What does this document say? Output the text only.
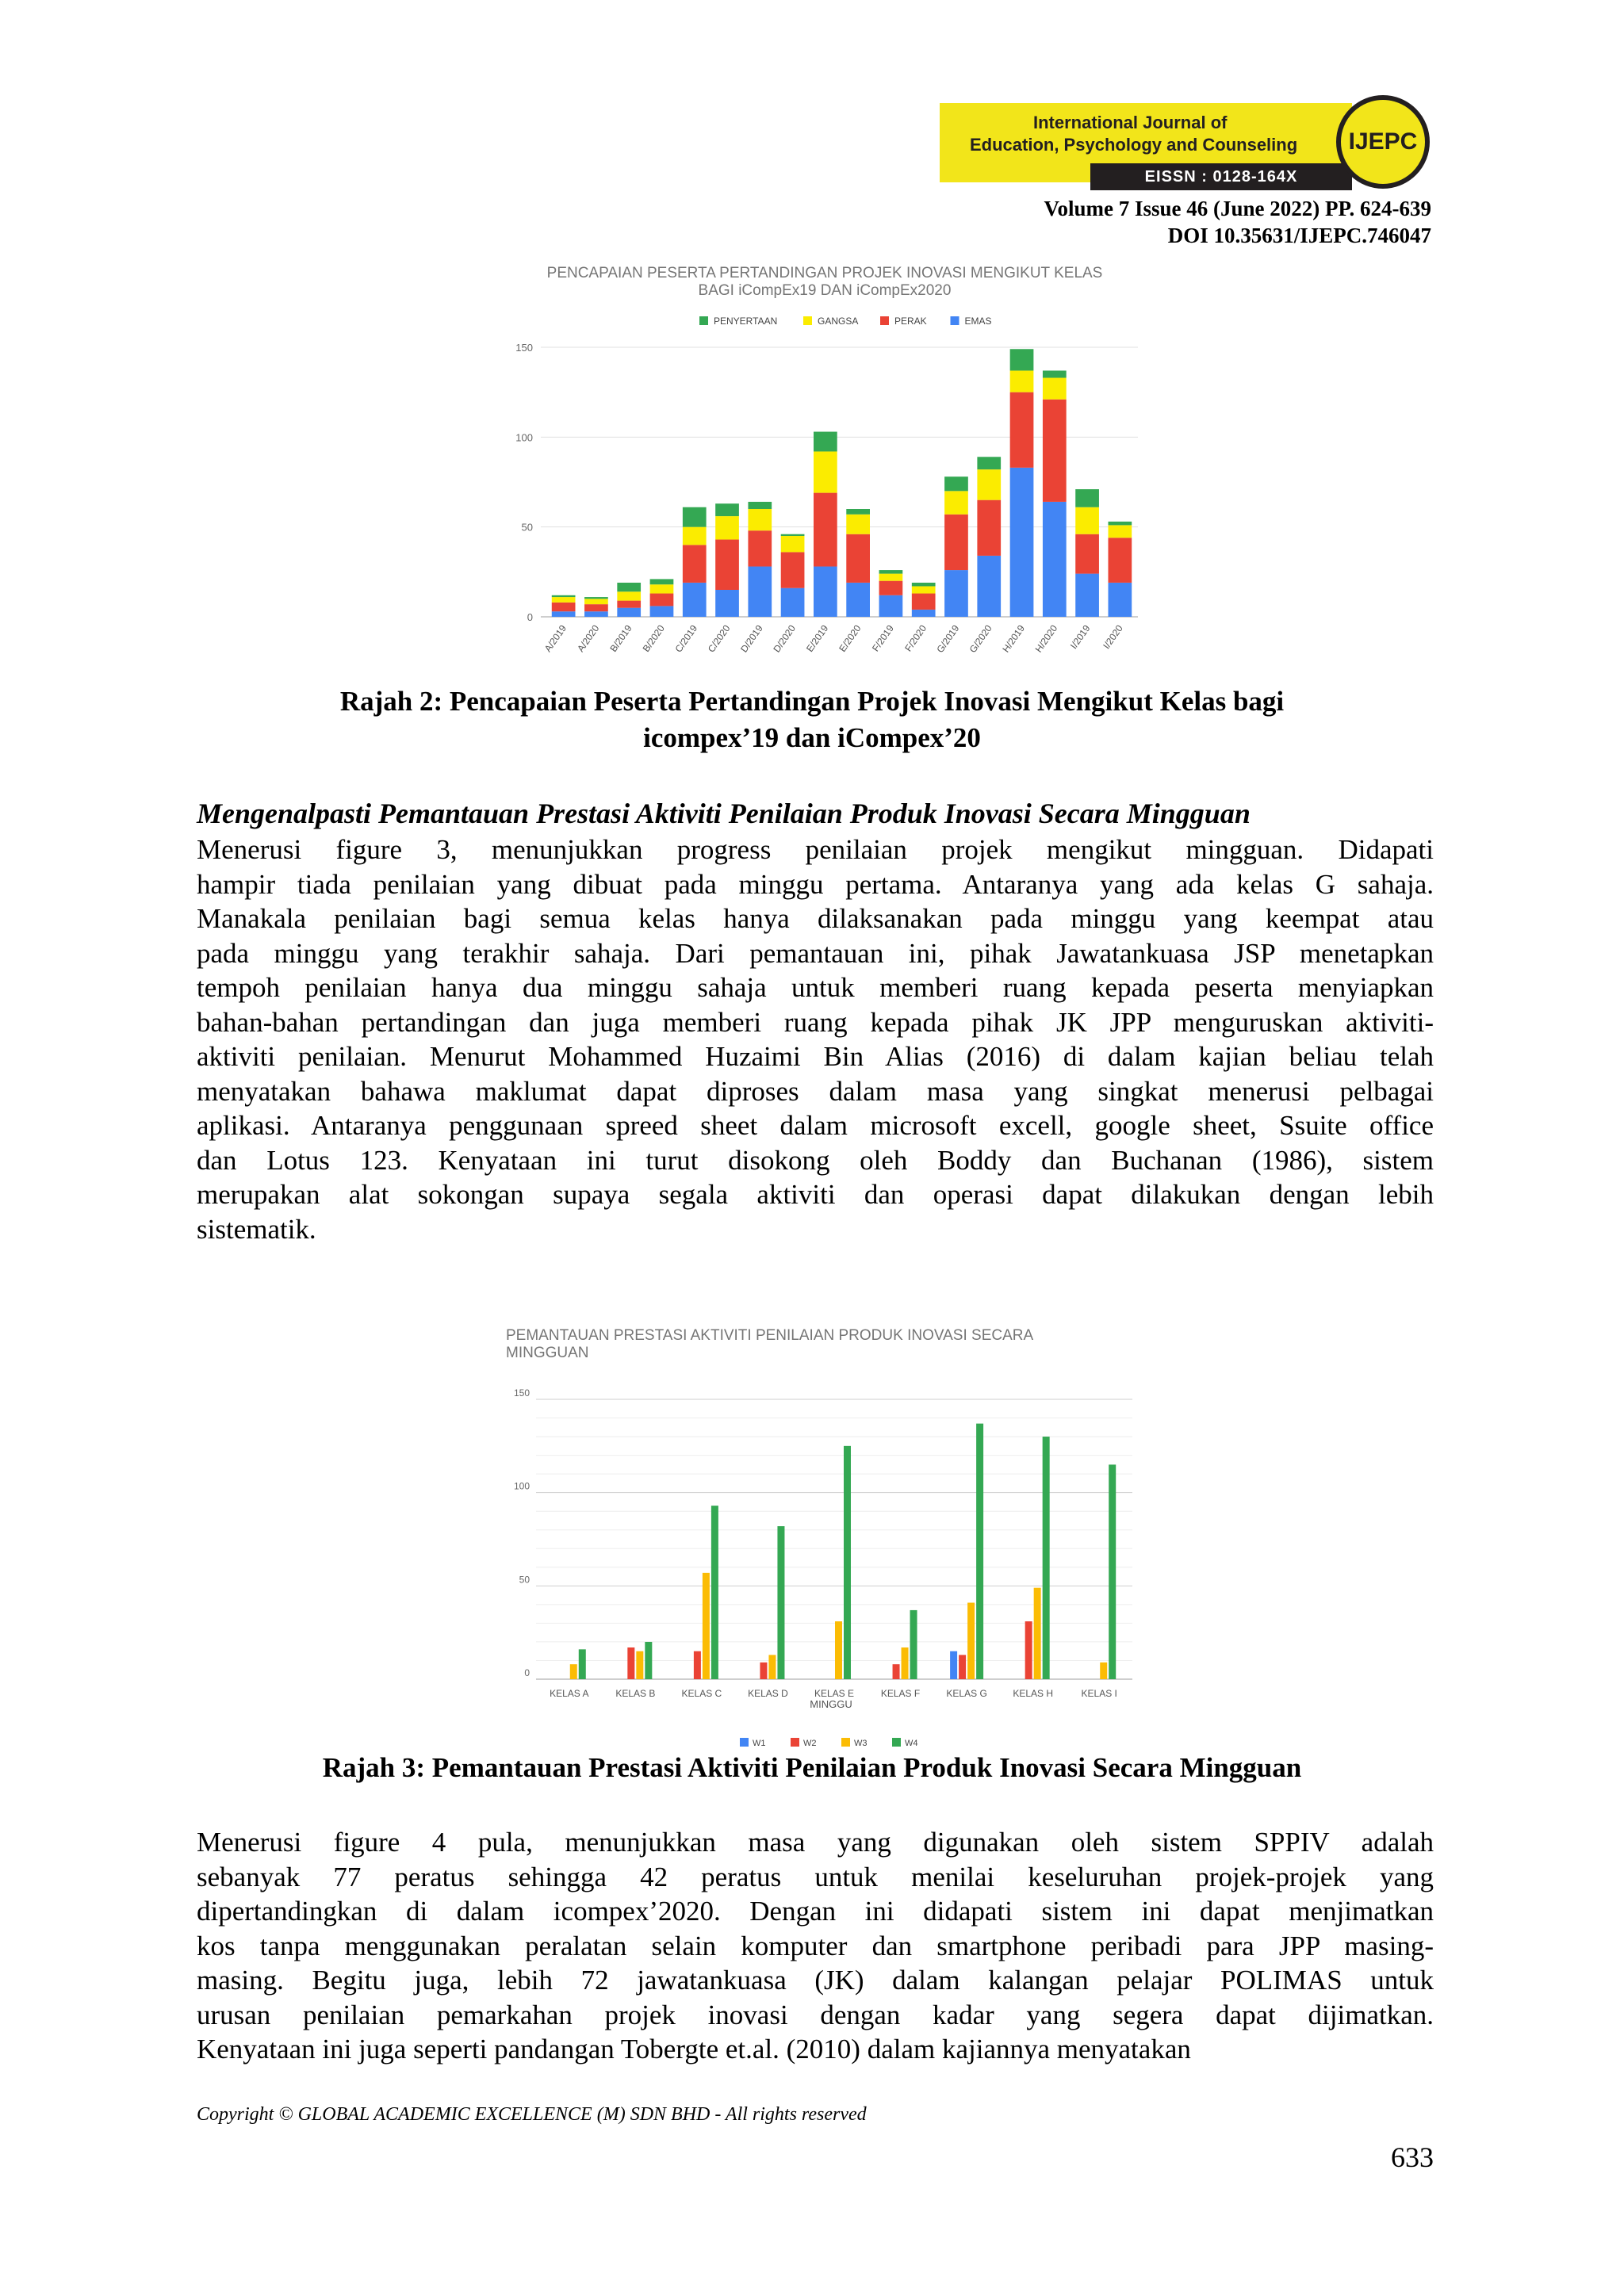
International Journal of
Education, Psychology and Counseling
EISSN : 0128-164X
IJEPC
Volume 7 Issue 46 (June 2022) PP. 624-639
DOI 10.35631/IJEPC.746047
PENCAPAIAN PESERTA PERTANDINGAN PROJEK INOVASI MENGIKUT KELAS
BAGI iCompEx19 DAN iCompEx2020
PENYERTAAN	GANGSA	PERAK	EMAS
0
50
100
150
A/2019 A/2020 B/2019 B/2020 C/2019 C/2020 D/2019 D/2020 E/2019 E/2020 F/2019 F/2020 G/2019 G/2020 H/2019 H/2020 I/2019 I/2020
Rajah 2: Pencapaian Peserta Pertandingan Projek Inovasi Mengikut Kelas bagi
icompex’19 dan iCompex’20
Mengenalpasti Pemantauan Prestasi Aktiviti Penilaian Produk Inovasi Secara Mingguan
Menerusi figure 3, menunjukkan progress penilaian projek mengikut mingguan. Didapati
hampir tiada penilaian yang dibuat pada minggu pertama. Antaranya yang ada kelas G sahaja.
Manakala penilaian bagi semua kelas hanya dilaksanakan pada minggu yang keempat atau
pada minggu yang terakhir sahaja. Dari pemantauan ini, pihak Jawatankuasa JSP menetapkan
tempoh penilaian hanya dua minggu sahaja untuk memberi ruang kepada peserta menyiapkan
bahan-bahan pertandingan dan juga memberi ruang kepada pihak JK JPP menguruskan aktiviti-
aktiviti penilaian. Menurut Mohammed Huzaimi Bin Alias (2016) di dalam kajian beliau telah
menyatakan bahawa maklumat dapat diproses dalam masa yang singkat menerusi pelbagai
aplikasi. Antaranya penggunaan spreed sheet dalam microsoft excell, google sheet, Ssuite office
dan Lotus 123. Kenyataan ini turut disokong oleh Boddy dan Buchanan (1986), sistem
merupakan alat sokongan supaya segala aktiviti dan operasi dapat dilakukan dengan lebih
sistematik.
PEMANTAUAN PRESTASI AKTIVITI PENILAIAN PRODUK INOVASI SECARA
MINGGUAN
0
50
100
150
KELAS A	KELAS B	KELAS C	KELAS D	KELAS E	KELAS F	KELAS G	KELAS H	KELAS I
MINGGU
W1	W2	W3	W4
Rajah 3: Pemantauan Prestasi Aktiviti Penilaian Produk Inovasi Secara Mingguan
Menerusi figure 4 pula, menunjukkan masa yang digunakan oleh sistem SPPIV adalah
sebanyak 77 peratus sehingga 42 peratus untuk menilai keseluruhan projek-projek yang
dipertandingkan di dalam icompex’2020. Dengan ini didapati sistem ini dapat menjimatkan
kos tanpa menggunakan peralatan selain komputer dan smartphone peribadi para JPP masing-
masing. Begitu juga, lebih 72 jawatankuasa (JK) dalam kalangan pelajar POLIMAS untuk
urusan penilaian pemarkahan projek inovasi dengan kadar yang segera dapat dijimatkan.
Kenyataan ini juga seperti pandangan Tobergte et.al. (2010) dalam kajiannya menyatakan
Copyright © GLOBAL ACADEMIC EXCELLENCE (M) SDN BHD - All rights reserved
633
